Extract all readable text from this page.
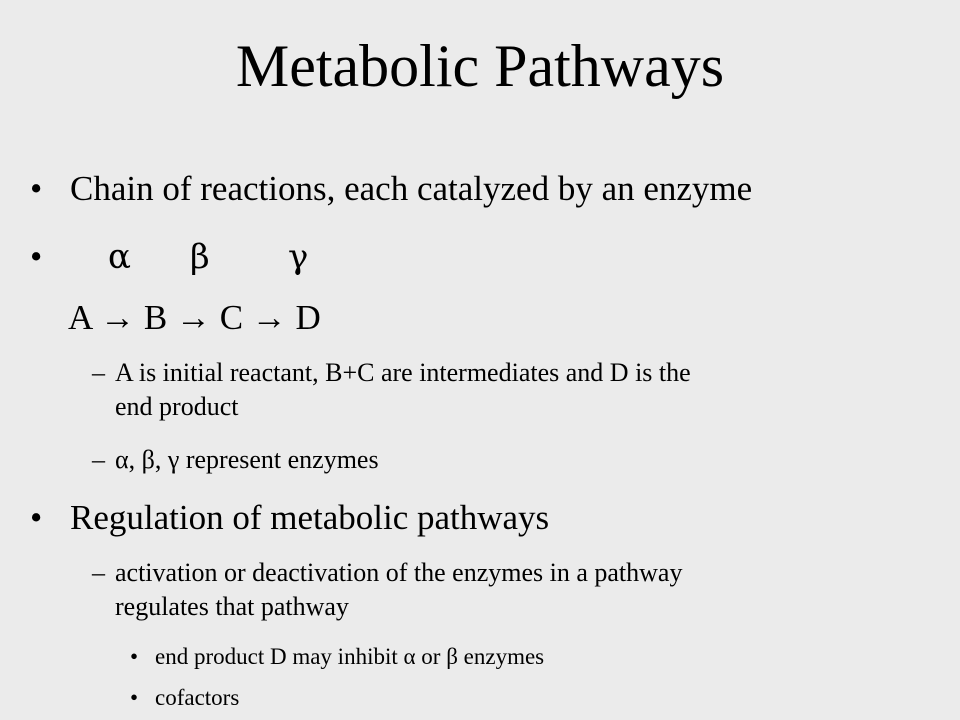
Metabolic Pathways
• Chain of reactions, each catalyzed by an enzyme
• α β γ
A → B → C → D
– A is initial reactant, B+C are intermediates and D is the
end product
– α, β, γ represent enzymes
• Regulation of metabolic pathways
– activation or deactivation of the enzymes in a pathway
regulates that pathway
• end product D may inhibit α or β enzymes
• cofactors
